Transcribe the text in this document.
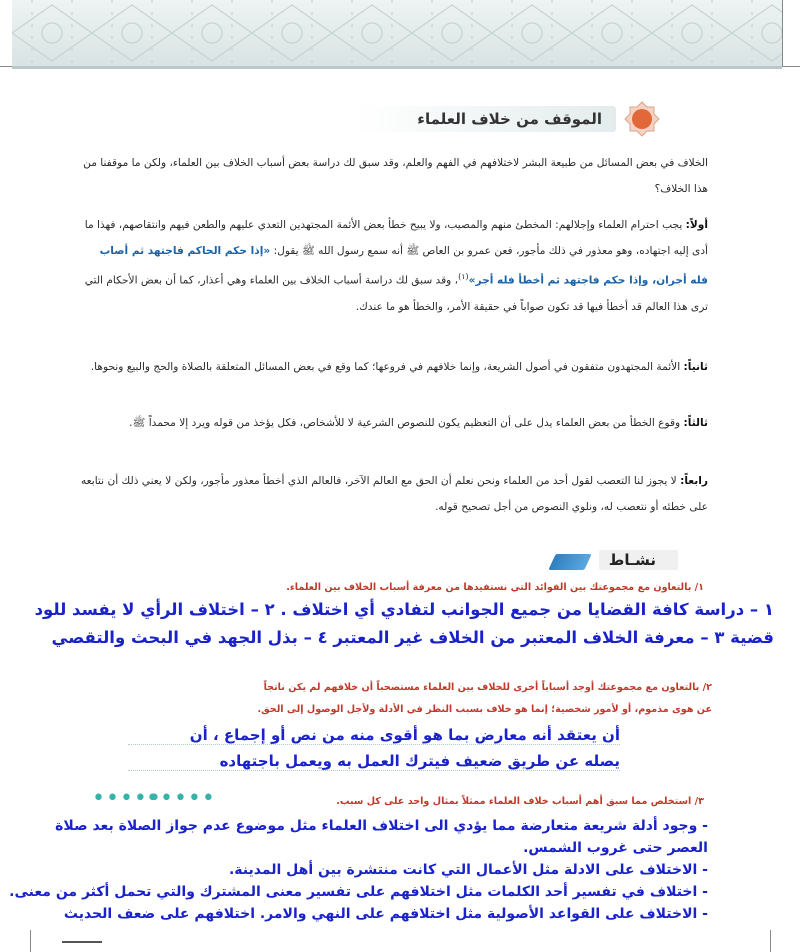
الموقف من خلاف العلماء
الخلاف في بعض المسائل من طبيعة البشر لاختلافهم في الفهم والعلم، وقد سبق لك دراسة بعض أسباب الخلاف بين العلماء، ولكن ما موقفنا من هذا الخلاف؟
أولاً: يجب احترام العلماء وإجلالهم: المخطئ منهم والمصيب، ولا يبيح خطأ بعض الأئمة المجتهدين التعدي عليهم والطعن فيهم وانتقاصهم، فهذا ما أدى إليه اجتهاده، وهو معذور في ذلك مأجور، فعن عمرو بن العاص ﷺ أنه سمع رسول الله ﷺ يقول: «إذا حكم الحاكم فاجتهد ثم أصاب فله أجران، وإذا حكم فاجتهد ثم أخطأ فله أجر»$^{(١)}$، وقد سبق لك دراسة أسباب الخلاف بين العلماء وهي أعذار، كما أن بعض الأحكام التي ترى هذا العالم قد أخطأ فيها قد تكون صواباً في حقيقة الأمر، والخطأ هو ما عندك.
ثانياً: الأئمة المجتهدون متفقون في أصول الشريعة، وإنما خلافهم في فروعها؛ كما وقع في بعض المسائل المتعلقة بالصلاة والحج والبيع ونحوها.
ثالثاً: وقوع الخطأ من بعض العلماء يدل على أن التعظيم يكون للنصوص الشرعية لا للأشخاص، فكل يؤخذ من قوله ويرد إلا محمداً ﷺ.
رابعاً: لا يجوز لنا التعصب لقول أحد من العلماء ونحن نعلم أن الحق مع العالم الآخر، فالعالم الذي أخطأ معذور مأجور، ولكن لا يعني ذلك أن نتابعه على خطئه أو نتعصب له، ونلوي النصوص من أجل تصحيح قوله.
نشـاط
١/ بالتعاون مع مجموعتك بين الفوائد التي نستفيدها من معرفة أسباب الخلاف بين العلماء.
١ – دراسة كافة القضايا من جميع الجوانب لتفادي أي اختلاف . ٢ – اختلاف الرأي لا يفسد للود
قضية ٣ – معرفة الخلاف المعتبر من الخلاف غير المعتبر ٤ – بذل الجهد في البحث والتقصي
٢/ بالتعاون مع مجموعتك أوجد أسباباً أخرى للخلاف بين العلماء مستصحباً أن خلافهم لم يكن ناتجاً
عن هوى مذموم، أو لأمور شخصية؛ إنما هو خلاف بسبب النظر في الأدلة ولأجل الوصول إلى الحق.
أن يعتقد أنه معارض بما هو أقوى منه من نص أو إجماع ، أن
يصله عن طريق ضعيف فيترك العمل به ويعمل باجتهاده
•••••
•••••	٣/ استخلص مما سبق أهم أسباب خلاف العلماء ممثلاً بمثال واحد على كل سبب.
- وجود أدلة شريعة متعارضة مما يؤدي الى اختلاف العلماء مثل موضوع عدم جواز الصلاة بعد صلاة
العصر حتى غروب الشمس.
- الاختلاف على الادلة مثل الأعمال التي كانت منتشرة بين أهل المدينة.
- اختلاف في تفسير أحد الكلمات مثل اختلافهم على تفسير معنى المشترك والتي تحمل أكثر من معنى.
- الاختلاف على القواعد الأصولية مثل اختلافهم على النهي والامر. اختلافهم على ضعف الحديث
